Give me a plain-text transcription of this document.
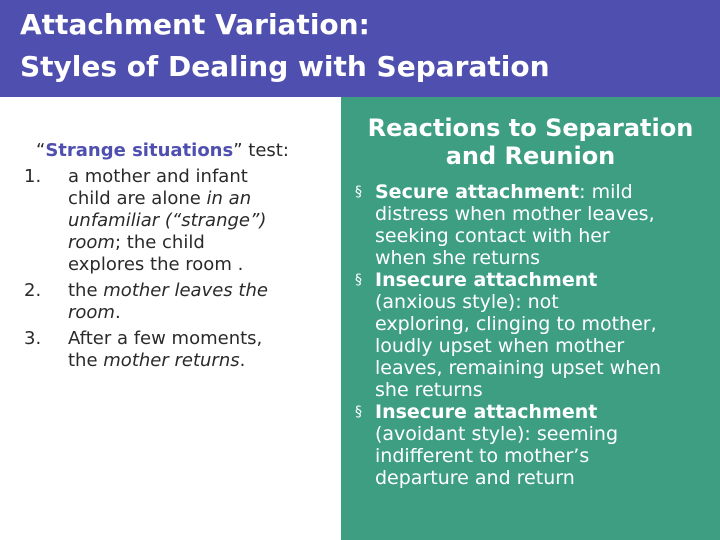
Attachment Variation:
Styles of Dealing with Separation
“Strange situations” test:
1. a mother and infant
child are alone in an
unfamiliar (“strange”)
room; the child
explores the room .
2. the mother leaves the
room.
3. After a few moments,
the mother returns.
Reactions to Separation
and Reunion
§ Secure attachment: mild
distress when mother leaves,
seeking contact with her
when she returns
§ Insecure attachment
(anxious style): not
exploring, clinging to mother,
loudly upset when mother
leaves, remaining upset when
she returns
§ Insecure attachment
(avoidant style): seeming
indifferent to mother’s
departure and return
